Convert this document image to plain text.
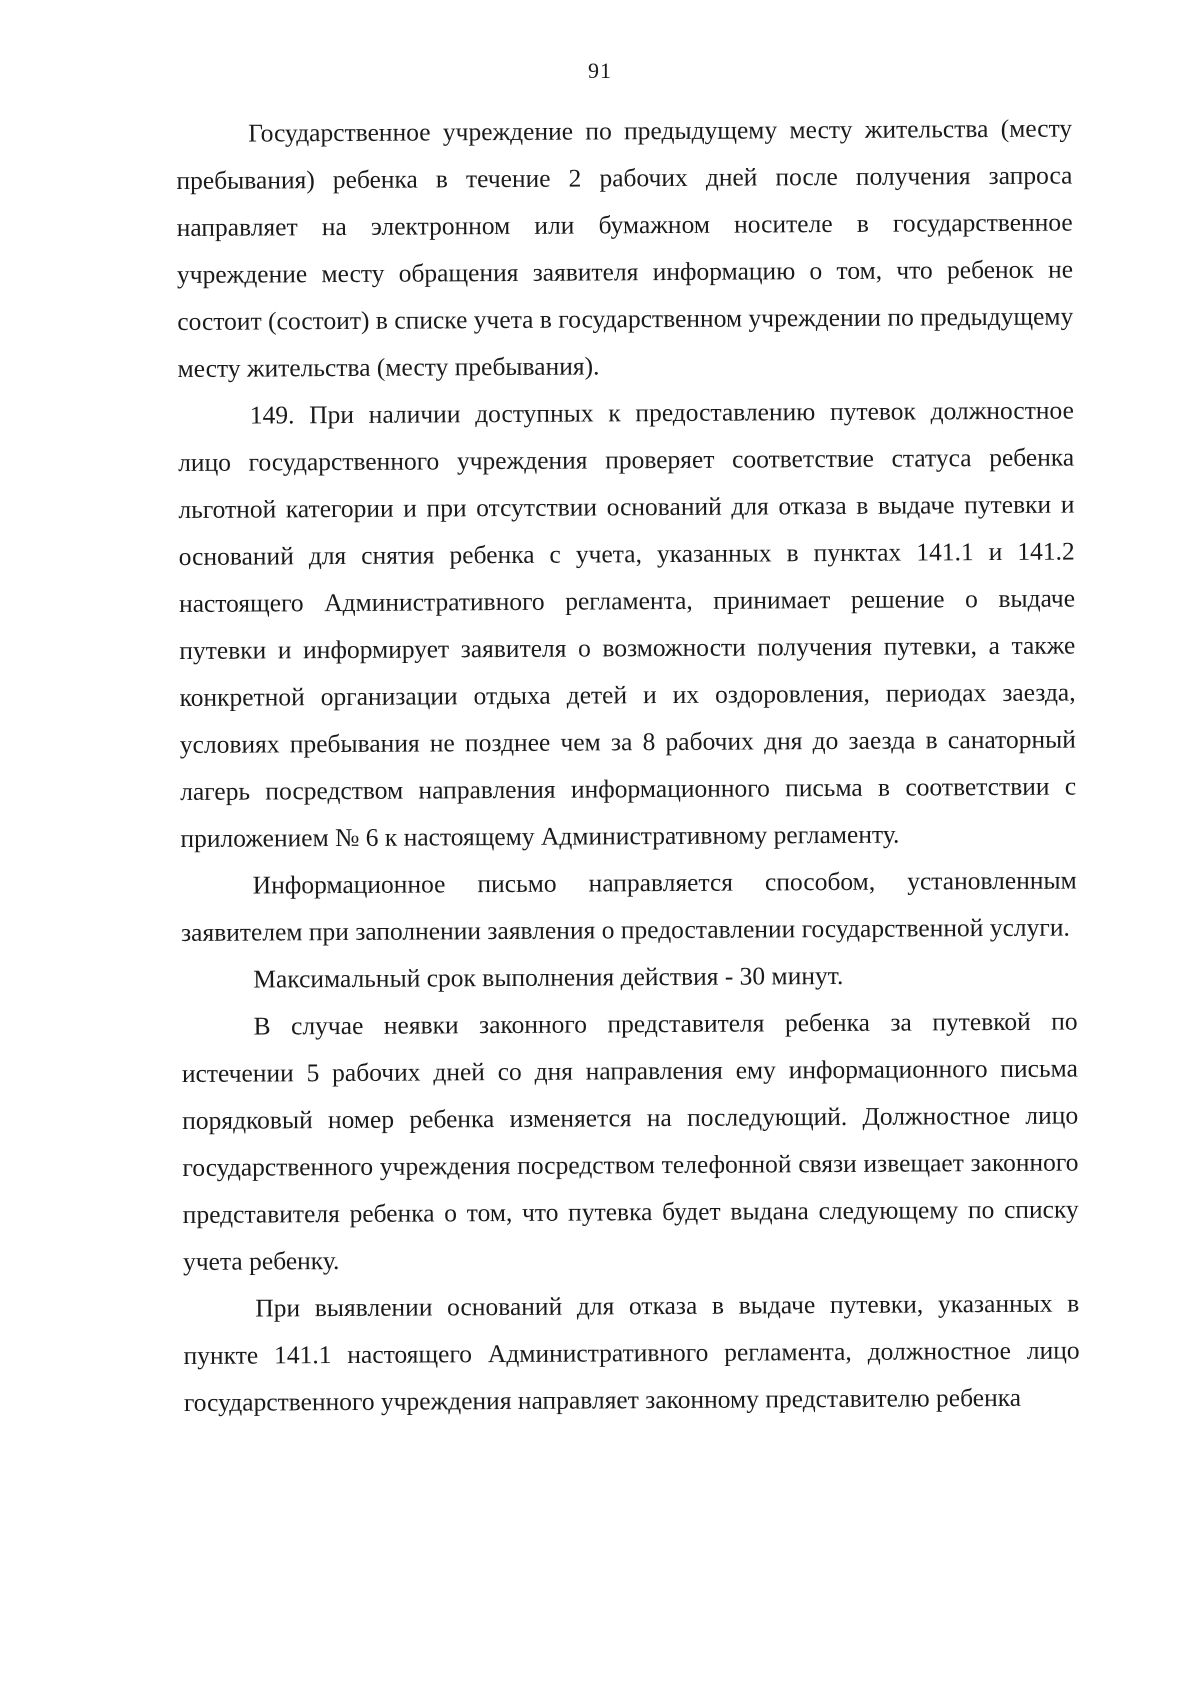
91

Государственное учреждение по предыдущему месту жительства (месту пребывания) ребенка в течение 2 рабочих дней после получения запроса направляет на электронном или бумажном носителе в государственное учреждение месту обращения заявителя информацию о том, что ребенок не состоит (состоит) в списке учета в государственном учреждении по предыдущему месту жительства (месту пребывания).

149. При наличии доступных к предоставлению путевок должностное лицо государственного учреждения проверяет соответствие статуса ребенка льготной категории и при отсутствии оснований для отказа в выдаче путевки и оснований для снятия ребенка с учета, указанных в пунктах 141.1 и 141.2 настоящего Административного регламента, принимает решение о выдаче путевки и информирует заявителя о возможности получения путевки, а также конкретной организации отдыха детей и их оздоровления, периодах заезда, условиях пребывания не позднее чем за 8 рабочих дня до заезда в санаторный лагерь посредством направления информационного письма в соответствии с приложением № 6 к настоящему Административному регламенту.

Информационное письмо направляется способом, установленным заявителем при заполнении заявления о предоставлении государственной услуги.

Максимальный срок выполнения действия - 30 минут.

В случае неявки законного представителя ребенка за путевкой по истечении 5 рабочих дней со дня направления ему информационного письма порядковый номер ребенка изменяется на последующий. Должностное лицо государственного учреждения посредством телефонной связи извещает законного представителя ребенка о том, что путевка будет выдана следующему по списку учета ребенку.

При выявлении оснований для отказа в выдаче путевки, указанных в пункте 141.1 настоящего Административного регламента, должностное лицо государственного учреждения направляет законному представителю ребенка
